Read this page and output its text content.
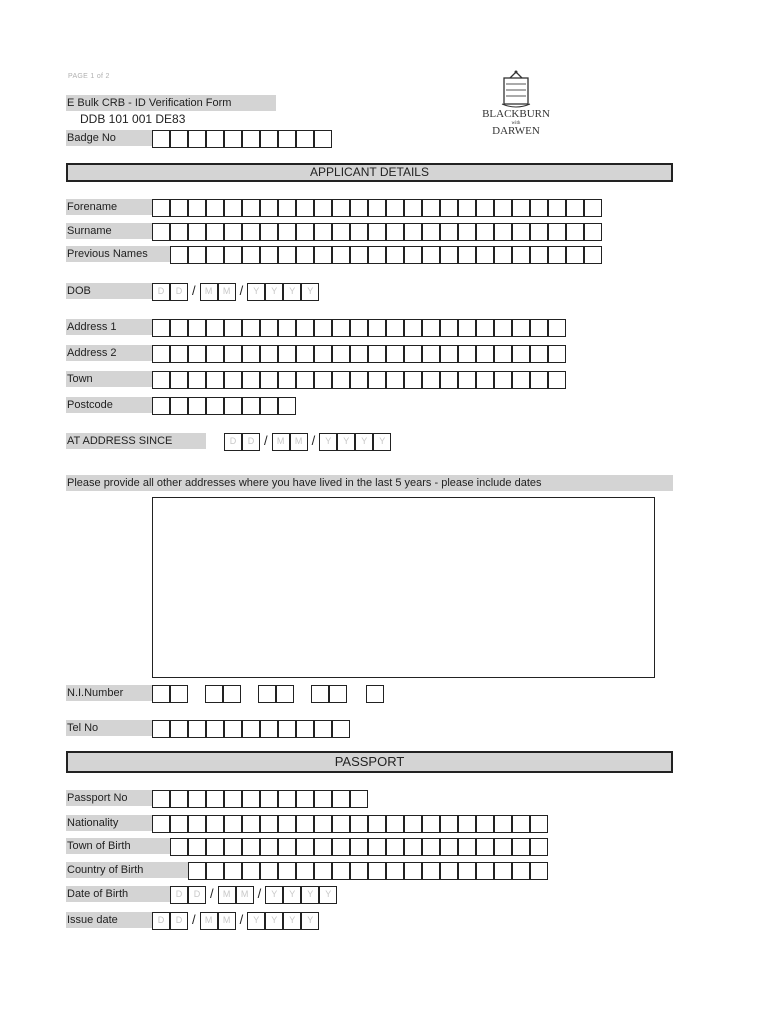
PAGE 1 of 2
E Bulk CRB - ID Verification Form
DDB 101 001 DE83
Badge No
BLACKBURN
with
DARWEN
APPLICANT DETAILS
Forename
Surname
Previous Names
DOB	D	D /	M	M /	Y	Y	Y	Y
Address 1
Address 2
Town
Postcode
AT ADDRESS SINCE	D	D /	M	M /	Y	Y	Y	Y
Please provide all other addresses where you have lived in the last 5 years - please include dates
N.I.Number
Tel No
PASSPORT
Passport No
Nationality
Town of Birth
Country of Birth
Date of Birth	D	D /	M	M /	Y	Y	Y	Y
Issue date	D	D /	M	M /	Y	Y	Y	Y
